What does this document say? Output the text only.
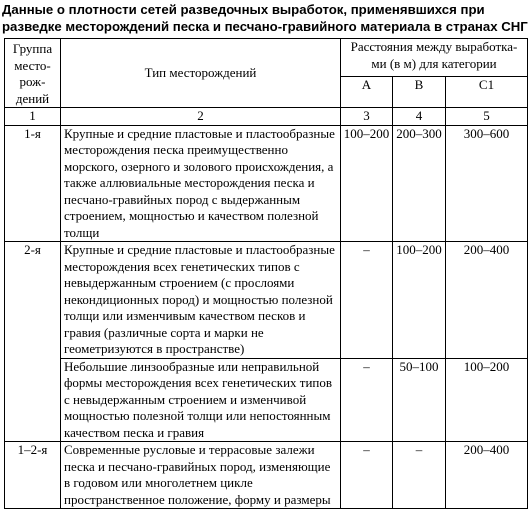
Данные о плотности сетей разведочных выработок, применявшихся при разведке месторождений песка и песчано-гравийного материала в странах СНГ
Группа место-рож-дений	Тип месторождений	Расстояния между выработка-ми (в м) для категории		
		А	В	С1
1	2	3	4	5
1-я	Крупные и средние пластовые и пластообразные месторождения песка преимущественно морского, озерного и золового происхождения, а также аллювиальные месторождения песка и песчано-гравийных пород с выдержанным строением, мощностью и качеством полезной толщи	100–200	200–300	300–600
2-я	Крупные и средние пластовые и пластообразные месторождения всех генетических типов с невыдержанным строением (с прослоями некондиционных пород) и мощностью полезной толщи или изменчивым качеством песков и гравия (различные сорта и марки не геометризуются в пространстве)	–	100–200	200–400
	Небольшие линзообразные или неправильной формы месторождения всех генетических типов с невыдержанным строением и изменчивой мощностью полезной толщи или непостоянным качеством песка и гравия	–	50–100	100–200
1–2-я	Современные русловые и террасовые залежи песка и песчано-гравийных пород, изменяющие в годовом или многолетнем цикле пространственное положение, форму и размеры	–	–	200–400
